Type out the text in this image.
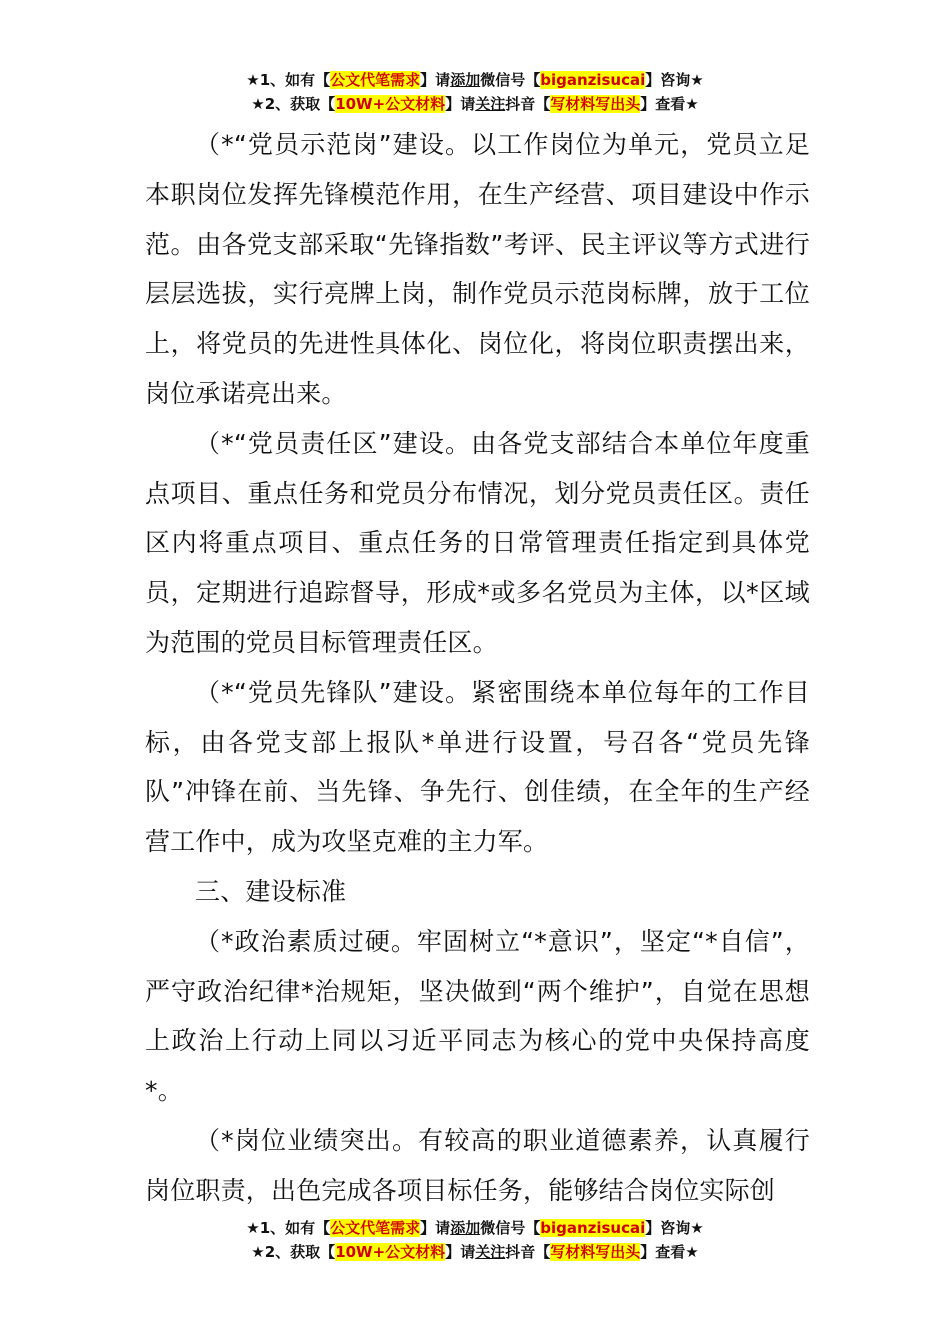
★1、如有【公文代笔需求】请添加微信号【biganzisucai】咨询★
★2、获取【10W+公文材料】请关注抖音【写材料写出头】查看★

（*“党员示范岗”建设。以工作岗位为单元，党员立足本职岗位发挥先锋模范作用，在生产经营、项目建设中作示范。由各党支部采取“先锋指数”考评、民主评议等方式进行层层选拔，实行亮牌上岗，制作党员示范岗标牌，放于工位上，将党员的先进性具体化、岗位化，将岗位职责摆出来，岗位承诺亮出来。

（*“党员责任区”建设。由各党支部结合本单位年度重点项目、重点任务和党员分布情况，划分党员责任区。责任区内将重点项目、重点任务的日常管理责任指定到具体党员，定期进行追踪督导，形成*或多名党员为主体，以*区域为范围的党员目标管理责任区。

（*“党员先锋队”建设。紧密围绕本单位每年的工作目标，由各党支部上报队*单进行设置，号召各“党员先锋队”冲锋在前、当先锋、争先行、创佳绩，在全年的生产经营工作中，成为攻坚克难的主力军。

三、建设标准

（*政治素质过硬。牢固树立“*意识”，坚定“*自信”，严守政治纪律*治规矩，坚决做到“两个维护”，自觉在思想上政治上行动上同以习近平同志为核心的党中央保持高度*。

（*岗位业绩突出。有较高的职业道德素养，认真履行岗位职责，出色完成各项目标任务，能够结合岗位实际创

★1、如有【公文代笔需求】请添加微信号【biganzisucai】咨询★
★2、获取【10W+公文材料】请关注抖音【写材料写出头】查看★
